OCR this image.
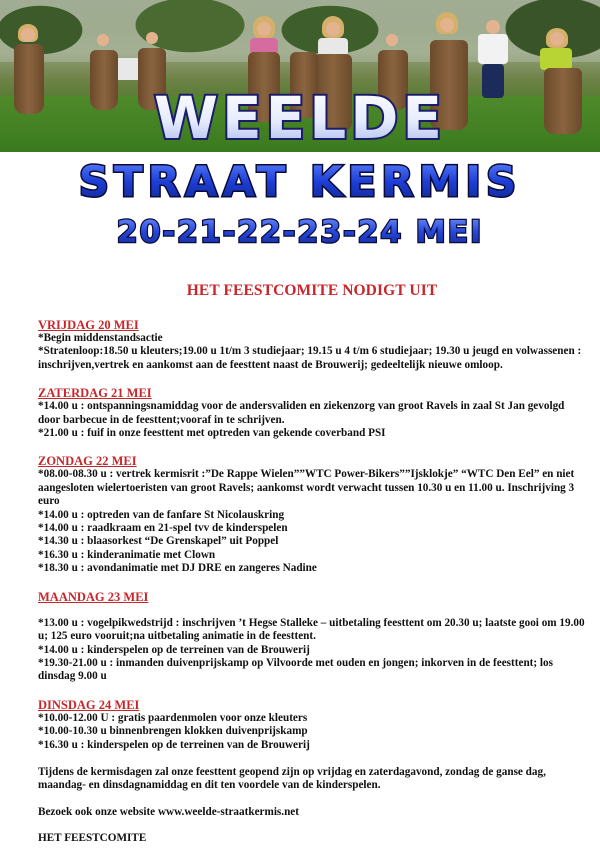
WEELDE
STRAAT KERMIS
20-21-22-23-24 MEI
HET FEESTCOMITE NODIGT UIT
VRIJDAG 20 MEI
*Begin middenstandsactie
*Stratenloop:18.50 u kleuters;19.00 u 1t/m 3 studiejaar; 19.15 u 4 t/m 6 studiejaar; 19.30 u jeugd en volwassenen : inschrijven,vertrek en aankomst aan de feesttent naast de Brouwerij; gedeeltelijk nieuwe omloop.
ZATERDAG 21 MEI
*14.00 u : ontspanningsnamiddag voor de andersvaliden en ziekenzorg van groot Ravels in zaal St Jan gevolgd door barbecue in de feesttent;vooraf in te schrijven.
*21.00 u : fuif in onze feesttent met optreden van gekende coverband PSI
ZONDAG 22 MEI
*08.00-08.30 u : vertrek kermisrit :”De Rappe Wielen””WTC Power-Bikers””Ijsklokje” “WTC Den Eel” en niet aangesloten wielertoeristen van groot Ravels; aankomst wordt verwacht tussen 10.30 u en 11.00 u. Inschrijving 3 euro
*14.00 u : optreden van de fanfare St Nicolauskring
*14.00 u : raadkraam en 21-spel tvv de kinderspelen
*14.30 u : blaasorkest “De Grenskapel” uit Poppel
*16.30 u : kinderanimatie met Clown
*18.30 u : avondanimatie met DJ DRE en zangeres Nadine
MAANDAG 23 MEI
*13.00 u : vogelpikwedstrijd : inschrijven ’t Hegse Stalleke – uitbetaling feesttent om 20.30 u; laatste gooi om 19.00 u; 125 euro vooruit;na uitbetaling animatie in de feesttent.
*14.00 u : kinderspelen op de terreinen van de Brouwerij
*19.30-21.00 u : inmanden duivenprijskamp op Vilvoorde met ouden en jongen; inkorven in de feesttent; los dinsdag 9.00 u
DINSDAG 24 MEI
*10.00-12.00 U : gratis paardenmolen voor onze kleuters
*10.00-10.30 u binnenbrengen klokken duivenprijskamp
*16.30 u : kinderspelen op de terreinen van de Brouwerij
Tijdens de kermisdagen zal onze feesttent geopend zijn op vrijdag en zaterdagavond, zondag de ganse dag, maandag- en dinsdagnamiddag en dit ten voordele van de kinderspelen.
Bezoek ook onze website www.weelde-straatkermis.net
HET FEESTCOMITE
